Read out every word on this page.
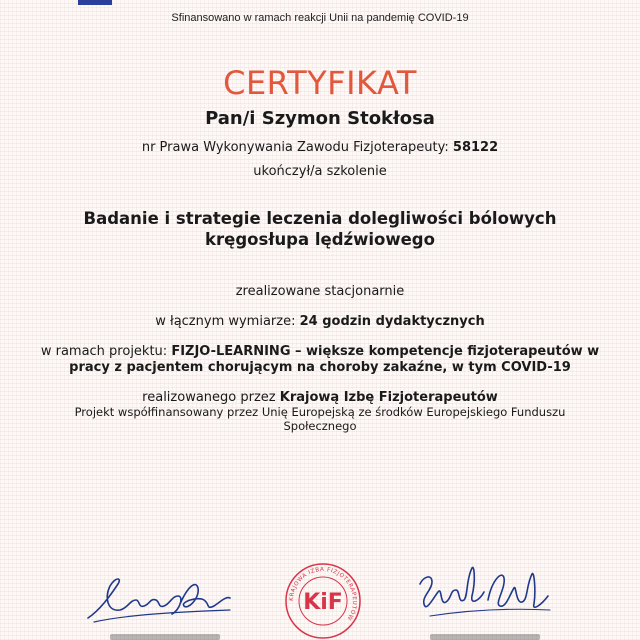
Sfinansowano w ramach reakcji Unii na pandemię COVID-19
CERTYFIKAT
Pan/i Szymon Stokłosa
nr Prawa Wykonywania Zawodu Fizjoterapeuty: 58122
ukończył/a szkolenie
Badanie i strategie leczenia dolegliwości bólowych
kręgosłupa lędźwiowego
zrealizowane stacjonarnie
w łącznym wymiarze: 24 godzin dydaktycznych
w ramach projektu: FIZJO-LEARNING – większe kompetencje fizjoterapeutów w pracy z pacjentem chorującym na choroby zakaźne, w tym COVID-19
realizowanego przez Krajową Izbę Fizjoterapeutów
Projekt współfinansowany przez Unię Europejską ze środków Europejskiego Funduszu Społecznego
KRAJOWA IZBA FIZJOTERAPEUTÓW
KiF
